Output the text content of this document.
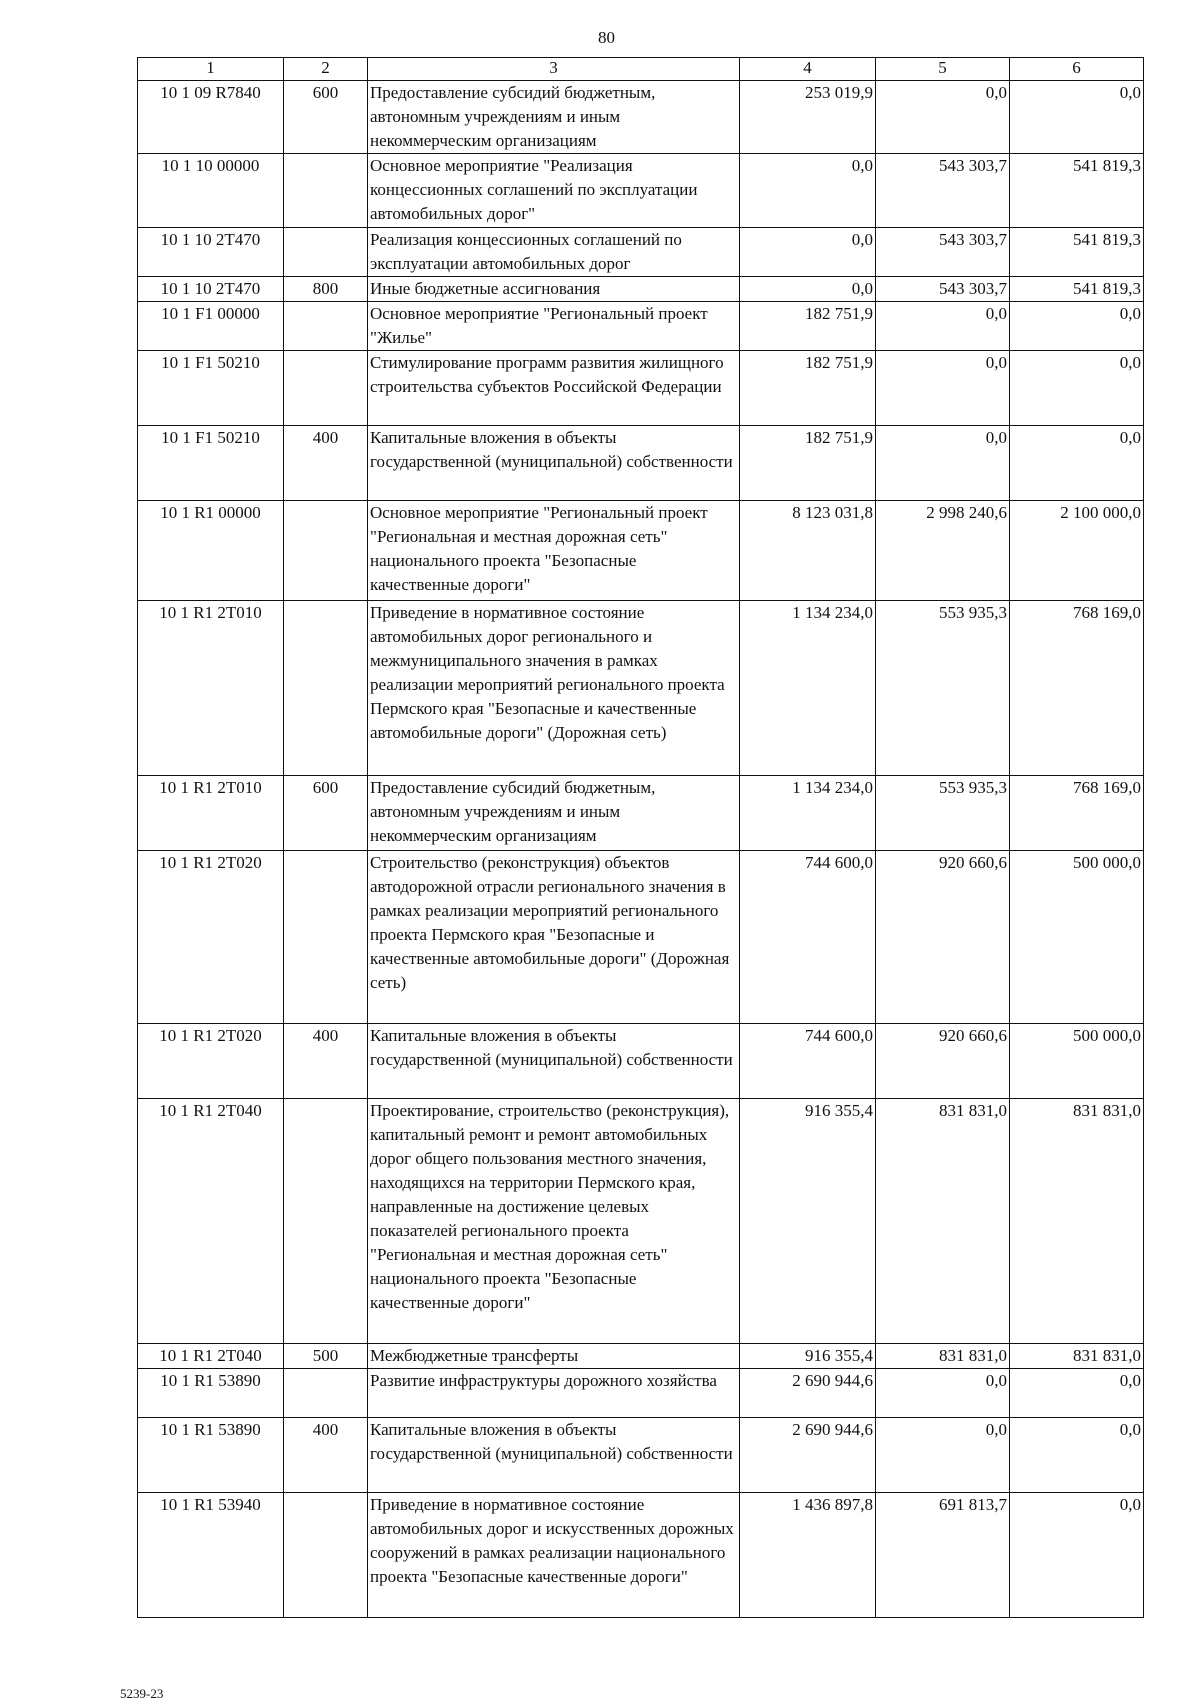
80
1	2	3	4	5	6

10 1 09 R7840	600	Предоставление субсидий бюджетным, автономным учреждениям и иным некоммерческим организациям	253 019,9	0,0	0,0

10 1 10 00000		Основное мероприятие "Реализация концессионных соглашений по эксплуатации автомобильных дорог"	0,0	543 303,7	541 819,3

10 1 10 2T470		Реализация концессионных соглашений по эксплуатации автомобильных дорог	0,0	543 303,7	541 819,3

10 1 10 2T470	800	Иные бюджетные ассигнования	0,0	543 303,7	541 819,3

10 1 F1 00000		Основное мероприятие "Региональный проект "Жилье"	182 751,9	0,0	0,0

10 1 F1 50210		Стимулирование программ развития жилищного строительства субъектов Российской Федерации	182 751,9	0,0	0,0

10 1 F1 50210	400	Капитальные вложения в объекты государственной (муниципальной) собственности	182 751,9	0,0	0,0

10 1 R1 00000		Основное мероприятие "Региональный проект "Региональная и местная дорожная сеть" национального проекта "Безопасные качественные дороги"	8 123 031,8	2 998 240,6	2 100 000,0

10 1 R1 2T010		Приведение в нормативное состояние автомобильных дорог регионального и межмуниципального значения в рамках реализации мероприятий регионального проекта Пермского края "Безопасные и качественные автомобильные дороги" (Дорожная сеть)	1 134 234,0	553 935,3	768 169,0

10 1 R1 2T010	600	Предоставление субсидий бюджетным, автономным учреждениям и иным некоммерческим организациям	1 134 234,0	553 935,3	768 169,0

10 1 R1 2T020		Строительство (реконструкция) объектов автодорожной отрасли регионального значения в рамках реализации мероприятий регионального проекта Пермского края "Безопасные и качественные автомобильные дороги" (Дорожная сеть)	744 600,0	920 660,6	500 000,0

10 1 R1 2T020	400	Капитальные вложения в объекты государственной (муниципальной) собственности	744 600,0	920 660,6	500 000,0

10 1 R1 2T040		Проектирование, строительство (реконструкция), капитальный ремонт и ремонт автомобильных дорог общего пользования местного значения, находящихся на территории Пермского края, направленные на достижение целевых показателей регионального проекта "Региональная и местная дорожная сеть" национального проекта "Безопасные качественные дороги"	916 355,4	831 831,0	831 831,0

10 1 R1 2T040	500	Межбюджетные трансферты	916 355,4	831 831,0	831 831,0

10 1 R1 53890		Развитие инфраструктуры дорожного хозяйства	2 690 944,6	0,0	0,0

10 1 R1 53890	400	Капитальные вложения в объекты государственной (муниципальной) собственности	2 690 944,6	0,0	0,0

10 1 R1 53940		Приведение в нормативное состояние автомобильных дорог и искусственных дорожных сооружений в рамках реализации национального проекта "Безопасные качественные дороги"	1 436 897,8	691 813,7	0,0
5239-23
